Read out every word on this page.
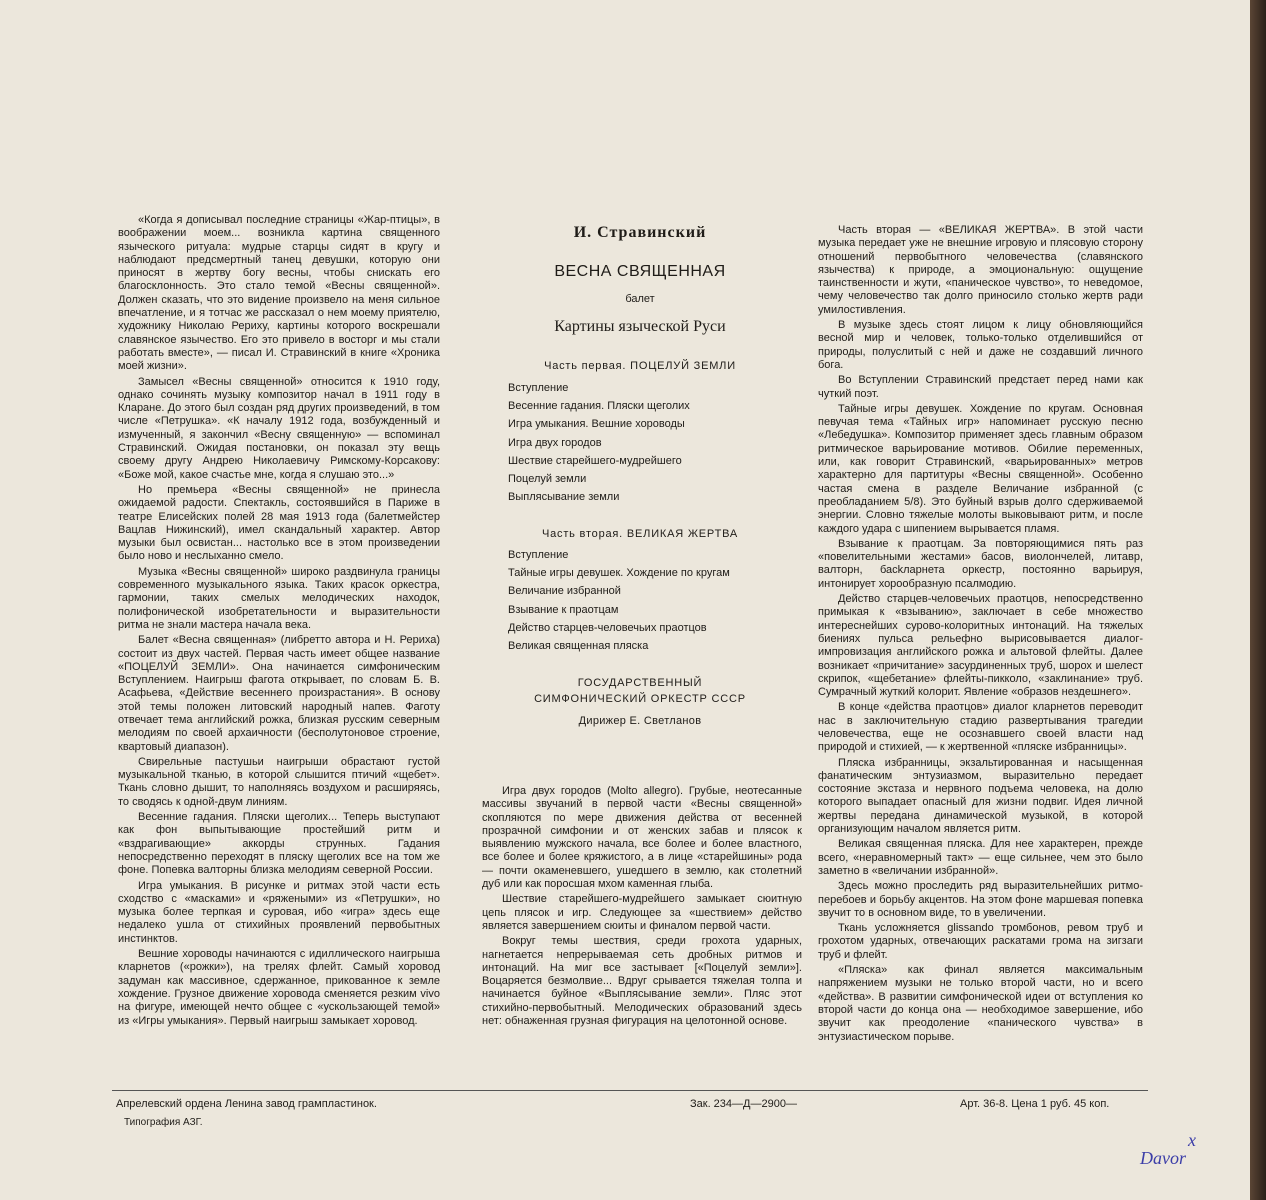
«Когда я дописывал последние страницы «Жар-птицы», в воображении моем... возникла картина священного языческого ритуала: мудрые старцы сидят в кругу и наблюдают предсмертный танец девушки, которую они приносят в жертву богу весны, чтобы снискать его благосклонность. Это стало темой «Весны священной». Должен сказать, что это видение произвело на меня сильное впечатление, и я тотчас же рассказал о нем моему приятелю, художнику Николаю Рериху, картины которого воскрешали славянское язычество. Его это привело в восторг и мы стали работать вместе», — писал И. Стравинский в книге «Хроника моей жизни».

Замысел «Весны священной» относится к 1910 году, однако сочинять музыку композитор начал в 1911 году в Кларане. До этого был создан ряд других произведений, в том числе «Петрушка». «К началу 1912 года, возбужденный и измученный, я закончил «Весну священную» — вспоминал Стравинский. Ожидая постановки, он показал эту вещь своему другу Андрею Николаевичу Римскому-Корсакову: «Боже мой, какое счастье мне, когда я слушаю это...»

Но премьера «Весны священной» не принесла ожидаемой радости. Спектакль, состоявшийся в Париже в театре Елисейских полей 28 мая 1913 года (балетмейстер Вацлав Нижинский), имел скандальный характер. Автор музыки был освистан... настолько все в этом произведении было ново и неслыханно смело.

Музыка «Весны священной» широко раздвинула границы современного музыкального языка. Таких красок оркестра, гармонии, таких смелых мелодических находок, полифонической изобретательности и выразительности ритма не знали мастера начала века.

Балет «Весна священная» (либретто автора и Н. Рериха) состоит из двух частей. Первая часть имеет общее название «ПОЦЕЛУЙ ЗЕМЛИ». Она начинается симфоническим Вступлением. Наигрыш фагота открывает, по словам Б. В. Асафьева, «Действие весеннего произрастания». В основу этой темы положен литовский народный напев. Фаготу отвечает тема английский рожка, близкая русским северным мелодиям по своей архаичности (бесполутоновое строение, квартовый диапазон).

Свирельные пастушьи наигрыши обрастают густой музыкальной тканью, в которой слышится птичий «щебет». Ткань словно дышит, то наполняясь воздухом и расширяясь, то сводясь к одной-двум линиям.

Весенние гадания. Пляски щеголих... Теперь выступают как фон выпытывающие простейший ритм и «вздрагивающие» аккорды струнных. Гадания непосредственно переходят в пляску щеголих все на том же фоне. Попевка валторны близка мелодиям северной России.

Игра умыкания. В рисунке и ритмах этой части есть сходство с «масками» и «ряжеными» из «Петрушки», но музыка более терпкая и суровая, ибо «игра» здесь еще недалеко ушла от стихийных проявлений первобытных инстинктов.

Вешние хороводы начинаются с идиллического наигрыша кларнетов («рожки»), на трелях флейт. Самый хоровод задуман как массивное, сдержанное, прикованное к земле хождение. Грузное движение хоровода сменяется резким vivo на фигуре, имеющей нечто общее с «ускользающей темой» из «Игры умыкания». Первый наигрыш замыкает хоровод.

И. Стравинский
ВЕСНА СВЯЩЕННАЯ
балет
Картины языческой Руси
Часть первая. ПОЦЕЛУЙ ЗЕМЛИ
Вступление
Весенние гадания. Пляски щеголих
Игра умыкания. Вешние хороводы
Игра двух городов
Шествие старейшего-мудрейшего
Поцелуй земли
Выплясывание земли
Часть вторая. ВЕЛИКАЯ ЖЕРТВА
Вступление
Тайные игры девушек. Хождение по кругам
Величание избранной
Взывание к праотцам
Действо старцев-человечьих праотцов
Великая священная пляска
ГОСУДАРСТВЕННЫЙ
СИМФОНИЧЕСКИЙ ОРКЕСТР СССР
Дирижер Е. Светланов

Игра двух городов (Molto allegro). Грубые, неотесанные массивы звучаний в первой части «Весны священной» скопляются по мере движения действа от весенней прозрачной симфонии и от женских забав и плясок к выявлению мужского начала, все более и более властного, все более и более кряжистого, а в лице «старейшины» рода — почти окаменевшего, ушедшего в землю, как столетний дуб или как поросшая мхом каменная глыба.

Шествие старейшего-мудрейшего замыкает сюитную цепь плясок и игр. Следующее за «шествием» действо является завершением сюиты и финалом первой части.

Вокруг темы шествия, среди грохота ударных, нагнетается непрерываемая сеть дробных ритмов и интонаций. На миг все застывает [«Поцелуй земли»]. Воцаряется безмолвие... Вдруг срывается тяжелая толпа и начинается буйное «Выплясывание земли». Пляс этот стихийно-первобытный. Мелодических образований здесь нет: обнаженная грузная фигурация на целотонной основе.

Часть вторая — «ВЕЛИКАЯ ЖЕРТВА». В этой части музыка передает уже не внешние игровую и плясовую сторону отношений первобытного человечества (славянского язычества) к природе, а эмоциональную: ощущение таинственности и жути, «паническое чувство», то неведомое, чему человечество так долго приносило столько жертв ради умилостивления.

В музыке здесь стоят лицом к лицу обновляющийся весной мир и человек, только-только отделившийся от природы, полуслитый с ней и даже не создавший личного бога.

Во Вступлении Стравинский предстает перед нами как чуткий поэт.

Тайные игры девушек. Хождение по кругам. Основная певучая тема «Тайных игр» напоминает русскую песню «Лебедушка». Композитор применяет здесь главным образом ритмическое варьирование мотивов. Обилие переменных, или, как говорит Стравинский, «варьированных» метров характерно для партитуры «Весны священной». Особенно частая смена в разделе Величание избранной (с преобладанием 5/8). Это буйный взрыв долго сдерживаемой энергии. Словно тяжелые молоты выковывают ритм, и после каждого удара с шипением вырывается пламя.

Взывание к праотцам. За повторяющимися пять раз «повелительными жестами» басов, виолончелей, литавр, валторн, басkларнета оркестр, постоянно варьируя, интонирует хорообразную псалмодию.

Действо старцев-человечьих праотцов, непосредственно примыкая к «взыванию», заключает в себе множество интереснейших сурово-колоритных интонаций. На тяжелых биениях пульса рельефно вырисовывается диалог-импровизация английского рожка и альтовой флейты. Далее возникает «причитание» засурдиненных труб, шорох и шелест скрипок, «щебетание» флейты-пикколо, «заклинание» труб. Сумрачный жуткий колорит. Явление «образов нездешнего».

В конце «действа праотцов» диалог кларнетов переводит нас в заключительную стадию развертывания трагедии человечества, еще не осознавшего своей власти над природой и стихией, — к жертвенной «пляске избранницы».

Пляска избранницы, экзальтированная и насыщенная фанатическим энтузиазмом, выразительно передает состояние экстаза и нервного подъема человека, на долю которого выпадает опасный для жизни подвиг. Идея личной жертвы передана динамической музыкой, в которой организующим началом является ритм.

Великая священная пляска. Для нее характерен, прежде всего, «неравномерный такт» — еще сильнее, чем это было заметно в «величании избранной».

Здесь можно проследить ряд выразительнейших ритмо-перебоев и борьбу акцентов. На этом фоне маршевая попевка звучит то в основном виде, то в увеличении.

Ткань усложняется glissando тромбонов, ревом труб и грохотом ударных, отвечающих раскатами грома на зигзаги труб и флейт.

«Пляска» как финал является максимальным напряжением музыки не только второй части, но и всего «действа». В развитии симфонической идеи от вступления ко второй части до конца она — необходимое завершение, ибо звучит как преодоление «панического чувства» в энтузиастическом порыве.

Апрелевский ордена Ленина завод грампластинок.
Типография АЗГ.
Зак. 234—Д—2900—	Арт. 36-8. Цена 1 руб. 45 коп.
x
Davor
